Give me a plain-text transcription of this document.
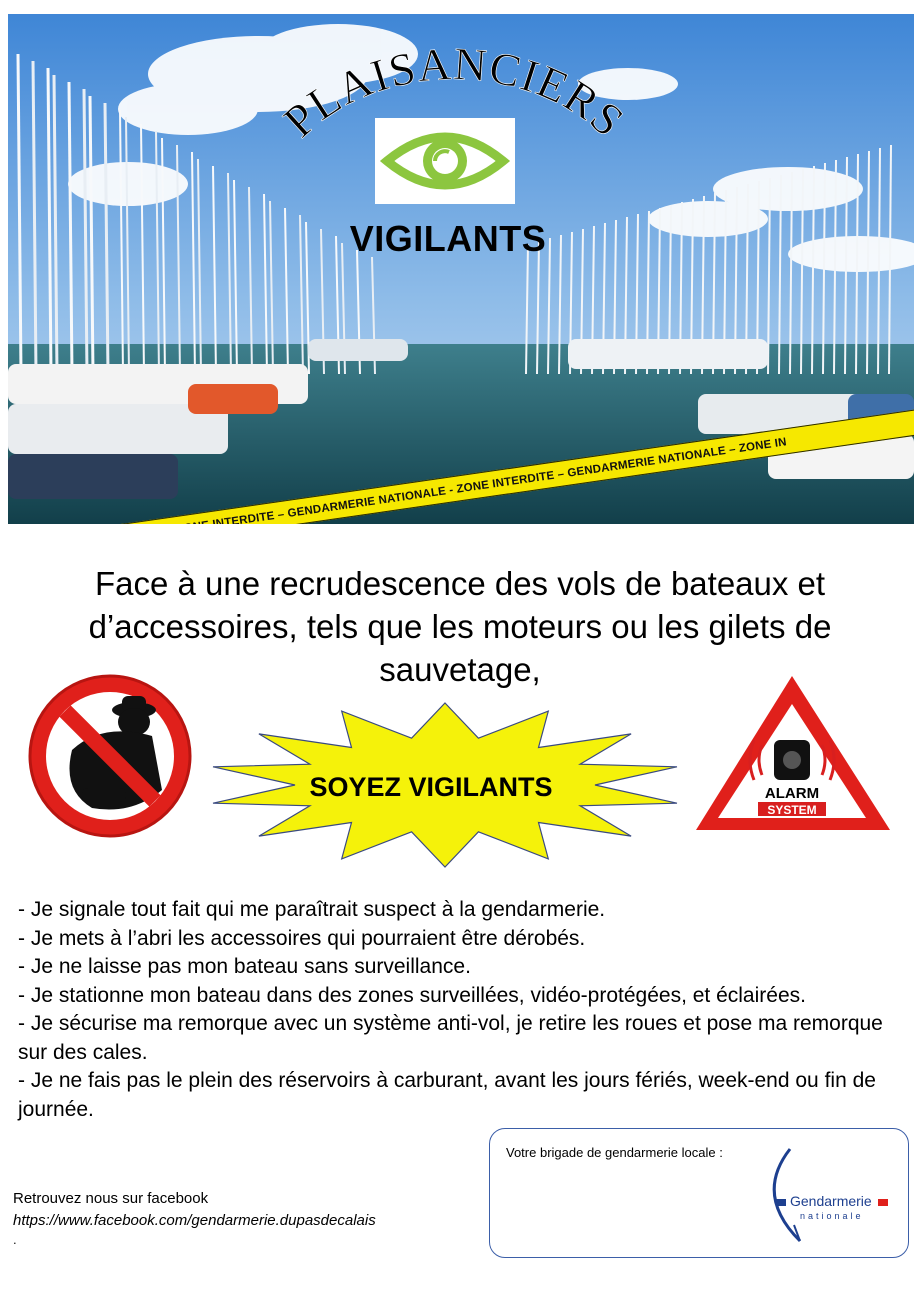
PLAISANCIERS
VIGILANTS
Face à une recrudescence des vols de bateaux et d’accessoires, tels que les moteurs ou les gilets de sauvetage,
SOYEZ VIGILANTS	ALARM
SYSTEM
- Je signale tout fait qui me paraîtrait suspect à la gendarmerie.
- Je mets à l’abri les accessoires qui pourraient être dérobés.
- Je ne laisse pas mon bateau sans surveillance.
- Je stationne mon bateau dans des zones surveillées, vidéo-protégées, et éclairées.
- Je sécurise ma remorque avec un système anti-vol, je retire les roues et pose ma remorque sur des cales.
- Je ne fais pas le plein des réservoirs à carburant, avant les jours fériés, week-end ou fin de journée.
Retrouvez nous sur facebook
https://www.facebook.com/gendarmerie.dupasdecalais
.
Votre brigade de gendarmerie locale :
Gendarmerie
nationale
